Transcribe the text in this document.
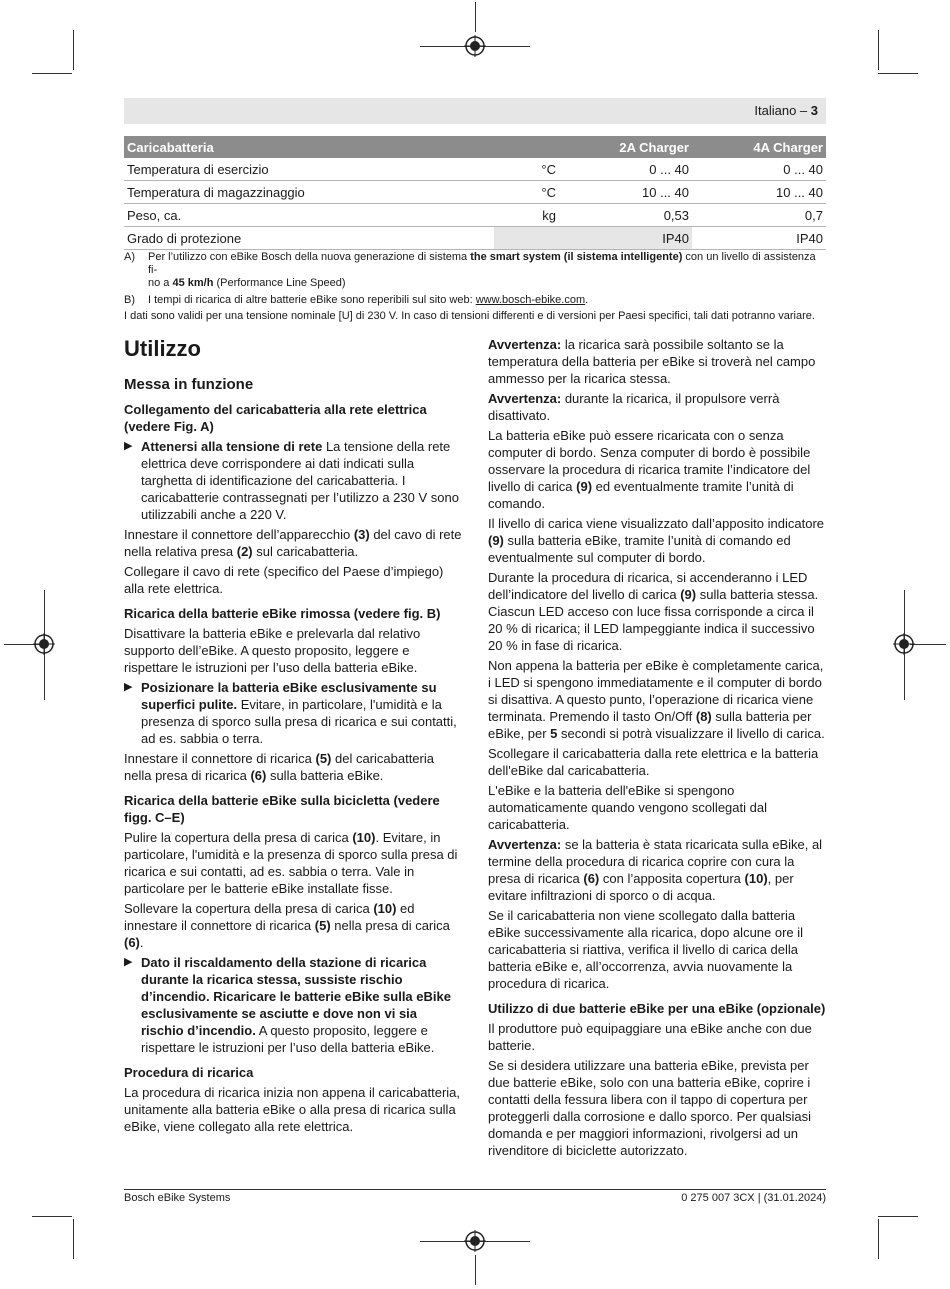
Italiano – 3
Caricabatteria		2A Charger	4A Charger
Temperatura di esercizio	°C	0 ... 40	0 ... 40
Temperatura di magazzinaggio	°C	10 ... 40	10 ... 40
Peso, ca.	kg	0,53	0,7
Grado di protezione		IP40	IP40
A)	Per l’utilizzo con eBike Bosch della nuova generazione di sistema the smart system (il sistema intelligente) con un livello di assistenza fi-
no a 45 km/h (Performance Line Speed)
B)	I tempi di ricarica di altre batterie eBike sono reperibili sul sito web: www.bosch-ebike.com.
I dati sono validi per una tensione nominale [U] di 230 V. In caso di tensioni differenti e di versioni per Paesi specifici, tali dati potranno variare.
Utilizzo
Messa in funzione
Collegamento del caricabatteria alla rete elettrica (vedere Fig. A)
▶ Attenersi alla tensione di rete La tensione della rete elettrica deve corrispondere ai dati indicati sulla targhetta di identificazione del caricabatteria. I caricabatterie contrassegnati per l’utilizzo a 230 V sono utilizzabili anche a 220 V.

Innestare il connettore dell’apparecchio (3) del cavo di rete nella relativa presa (2) sul caricabatteria.

Collegare il cavo di rete (specifico del Paese d’impiego) alla rete elettrica.

Ricarica della batterie eBike rimossa (vedere fig. B)

Disattivare la batteria eBike e prelevarla dal relativo supporto dell’eBike. A questo proposito, leggere e rispettare le istruzioni per l’uso della batteria eBike.

▶ Posizionare la batteria eBike esclusivamente su superfici pulite. Evitare, in particolare, l'umidità e la presenza di sporco sulla presa di ricarica e sui contatti, ad es. sabbia o terra.

Innestare il connettore di ricarica (5) del caricabatteria nella presa di ricarica (6) sulla batteria eBike.

Ricarica della batterie eBike sulla bicicletta (vedere figg. C–E)

Pulire la copertura della presa di carica (10). Evitare, in particolare, l'umidità e la presenza di sporco sulla presa di ricarica e sui contatti, ad es. sabbia o terra. Vale in particolare per le batterie eBike installate fisse.

Sollevare la copertura della presa di carica (10) ed innestare il connettore di ricarica (5) nella presa di carica (6).

▶ Dato il riscaldamento della stazione di ricarica durante la ricarica stessa, sussiste rischio d’incendio. Ricaricare le batterie eBike sulla eBike esclusivamente se asciutte e dove non vi sia rischio d’incendio. A questo proposito, leggere e rispettare le istruzioni per l’uso della batteria eBike.
Procedura di ricarica

La procedura di ricarica inizia non appena il caricabatteria, unitamente alla batteria eBike o alla presa di ricarica sulla eBike, viene collegato alla rete elettrica.

Avvertenza: la ricarica sarà possibile soltanto se la temperatura della batteria per eBike si troverà nel campo ammesso per la ricarica stessa.

Avvertenza: durante la ricarica, il propulsore verrà disattivato.

La batteria eBike può essere ricaricata con o senza computer di bordo. Senza computer di bordo è possibile osservare la procedura di ricarica tramite l’indicatore del livello di carica (9) ed eventualmente tramite l’unità di comando.

Il livello di carica viene visualizzato dall’apposito indicatore (9) sulla batteria eBike, tramite l’unità di comando ed eventualmente sul computer di bordo.

Durante la procedura di ricarica, si accenderanno i LED dell’indicatore del livello di carica (9) sulla batteria stessa. Ciascun LED acceso con luce fissa corrisponde a circa il 20 % di ricarica; il LED lampeggiante indica il successivo 20 % in fase di ricarica.

Non appena la batteria per eBike è completamente carica, i LED si spengono immediatamente e il computer di bordo si disattiva. A questo punto, l’operazione di ricarica viene terminata. Premendo il tasto On/Off (8) sulla batteria per eBike, per 5 secondi si potrà visualizzare il livello di carica.

Scollegare il caricabatteria dalla rete elettrica e la batteria dell'eBike dal caricabatteria.

L'eBike e la batteria dell'eBike si spengono automaticamente quando vengono scollegati dal caricabatteria.

Avvertenza: se la batteria è stata ricaricata sulla eBike, al termine della procedura di ricarica coprire con cura la presa di ricarica (6) con l’apposita copertura (10), per evitare infiltrazioni di sporco o di acqua.

Se il caricabatteria non viene scollegato dalla batteria eBike successivamente alla ricarica, dopo alcune ore il caricabatteria si riattiva, verifica il livello di carica della batteria eBike e, all’occorrenza, avvia nuovamente la procedura di ricarica.

Utilizzo di due batterie eBike per una eBike (opzionale)

Il produttore può equipaggiare una eBike anche con due batterie.

Se si desidera utilizzare una batteria eBike, prevista per due batterie eBike, solo con una batteria eBike, coprire i contatti della fessura libera con il tappo di copertura per proteggerli dalla corrosione e dallo sporco. Per qualsiasi domanda e per maggiori informazioni, rivolgersi ad un rivenditore di biciclette autorizzato.

Bosch eBike Systems	0 275 007 3CX | (31.01.2024)
